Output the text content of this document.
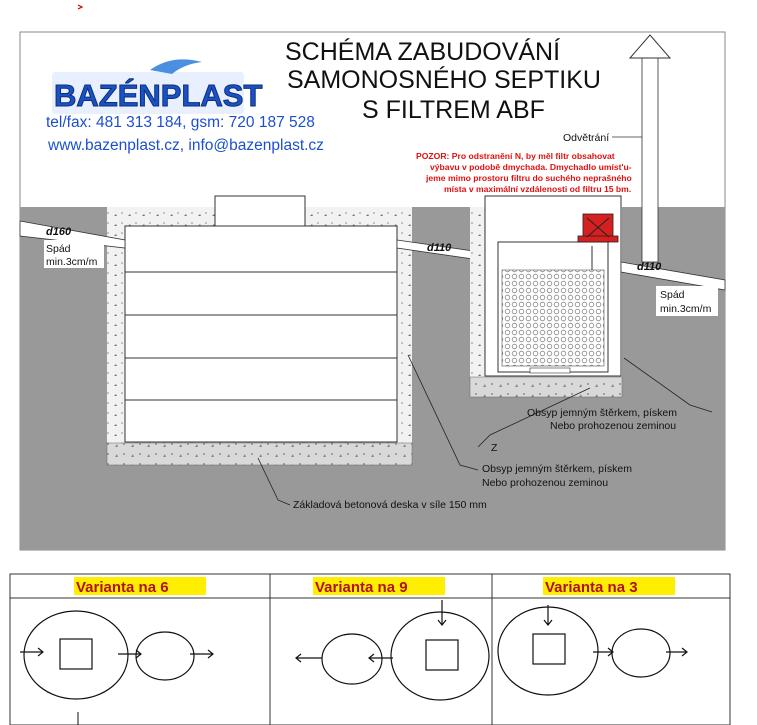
BAZÉNPLAST
SCHÉMA ZABUDOVÁNÍ
SAMONOSNÉHO SEPTIKU
S FILTREM ABF
tel/fax: 481 313 184, gsm: 720 187 528
www.bazenplast.cz, info@bazenplast.cz	Odvětrání
POZOR: Pro odstranění N, by měl filtr obsahovat
výbavu v podobě dmychada. Dmychadlo umíst'u-
jeme mimo prostoru filtru do suchého neprašného
místa v maximální vzdálenosti od filtru 15 bm.
d160
d110
d110
Spád
min.3cm/m
Spád
min.3cm/m
Obsyp jemným štěrkem, pískem
Nebo prohozenou zeminou
Z
Obsyp jemným štěrkem, pískem
Nebo prohozenou zeminou
Základová betonová deska v síle 150 mm
Varianta na 6	Varianta na 9	Varianta na 3
